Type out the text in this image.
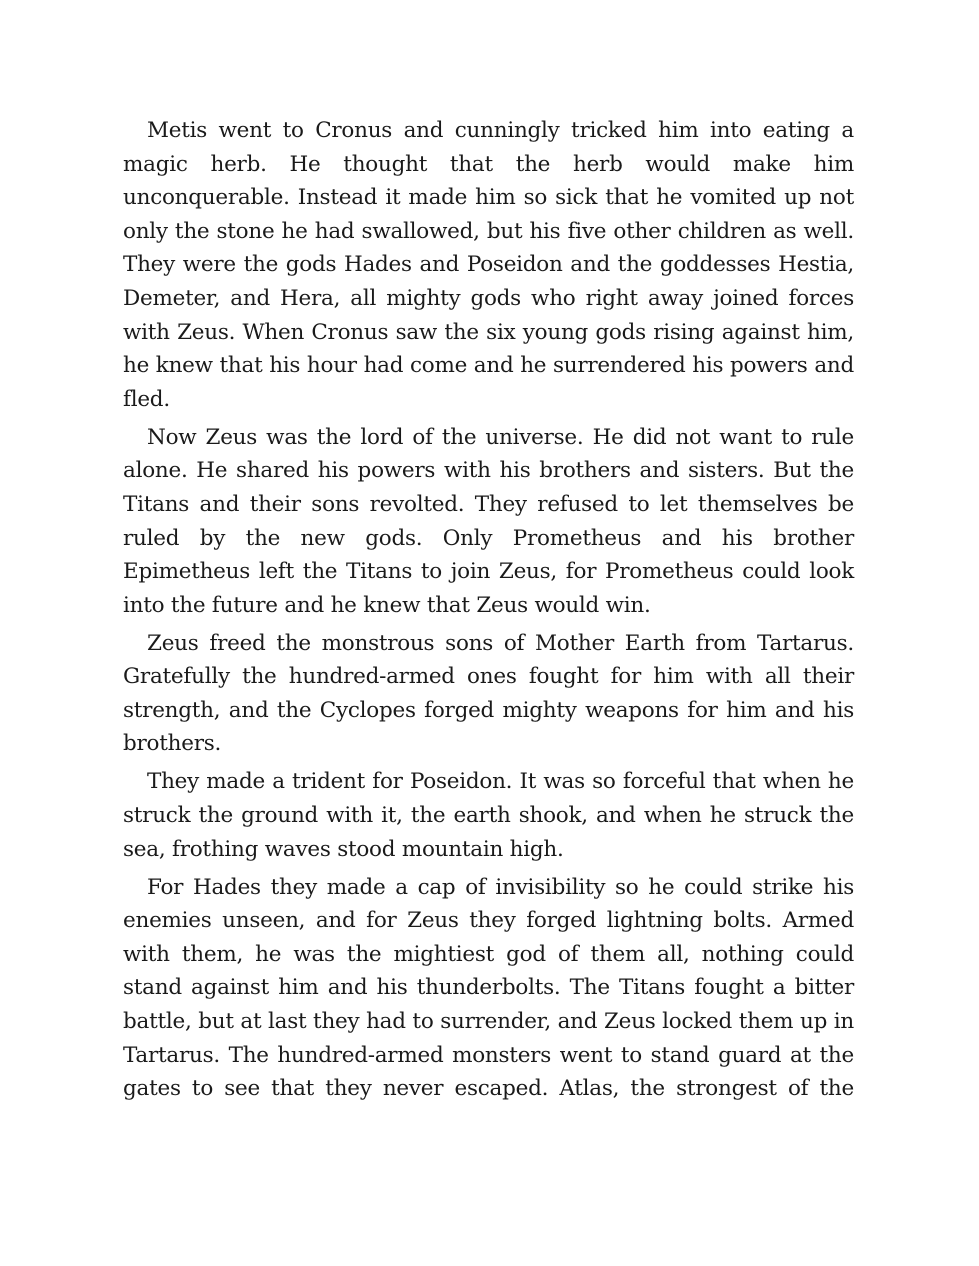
Metis went to Cronus and cunningly tricked him into eating a magic herb. He thought that the herb would make him unconquerable. Instead it made him so sick that he vomited up not only the stone he had swallowed, but his five other children as well. They were the gods Hades and Poseidon and the goddesses Hestia, Demeter, and Hera, all mighty gods who right away joined forces with Zeus. When Cronus saw the six young gods rising against him, he knew that his hour had come and he surrendered his powers and fled.

Now Zeus was the lord of the universe. He did not want to rule alone. He shared his powers with his brothers and sisters. But the Titans and their sons revolted. They refused to let themselves be ruled by the new gods. Only Prometheus and his brother Epimetheus left the Titans to join Zeus, for Prometheus could look into the future and he knew that Zeus would win.

Zeus freed the monstrous sons of Mother Earth from Tartarus. Gratefully the hundred-armed ones fought for him with all their strength, and the Cyclopes forged mighty weapons for him and his brothers.

They made a trident for Poseidon. It was so forceful that when he struck the ground with it, the earth shook, and when he struck the sea, frothing waves stood mountain high.

For Hades they made a cap of invisibility so he could strike his enemies unseen, and for Zeus they forged lightning bolts. Armed with them, he was the mightiest god of them all, nothing could stand against him and his thunderbolts. The Titans fought a bitter battle, but at last they had to surrender, and Zeus locked them up in Tartarus. The hundred-armed monsters went to stand guard at the gates to see that they never escaped. Atlas, the strongest of the
